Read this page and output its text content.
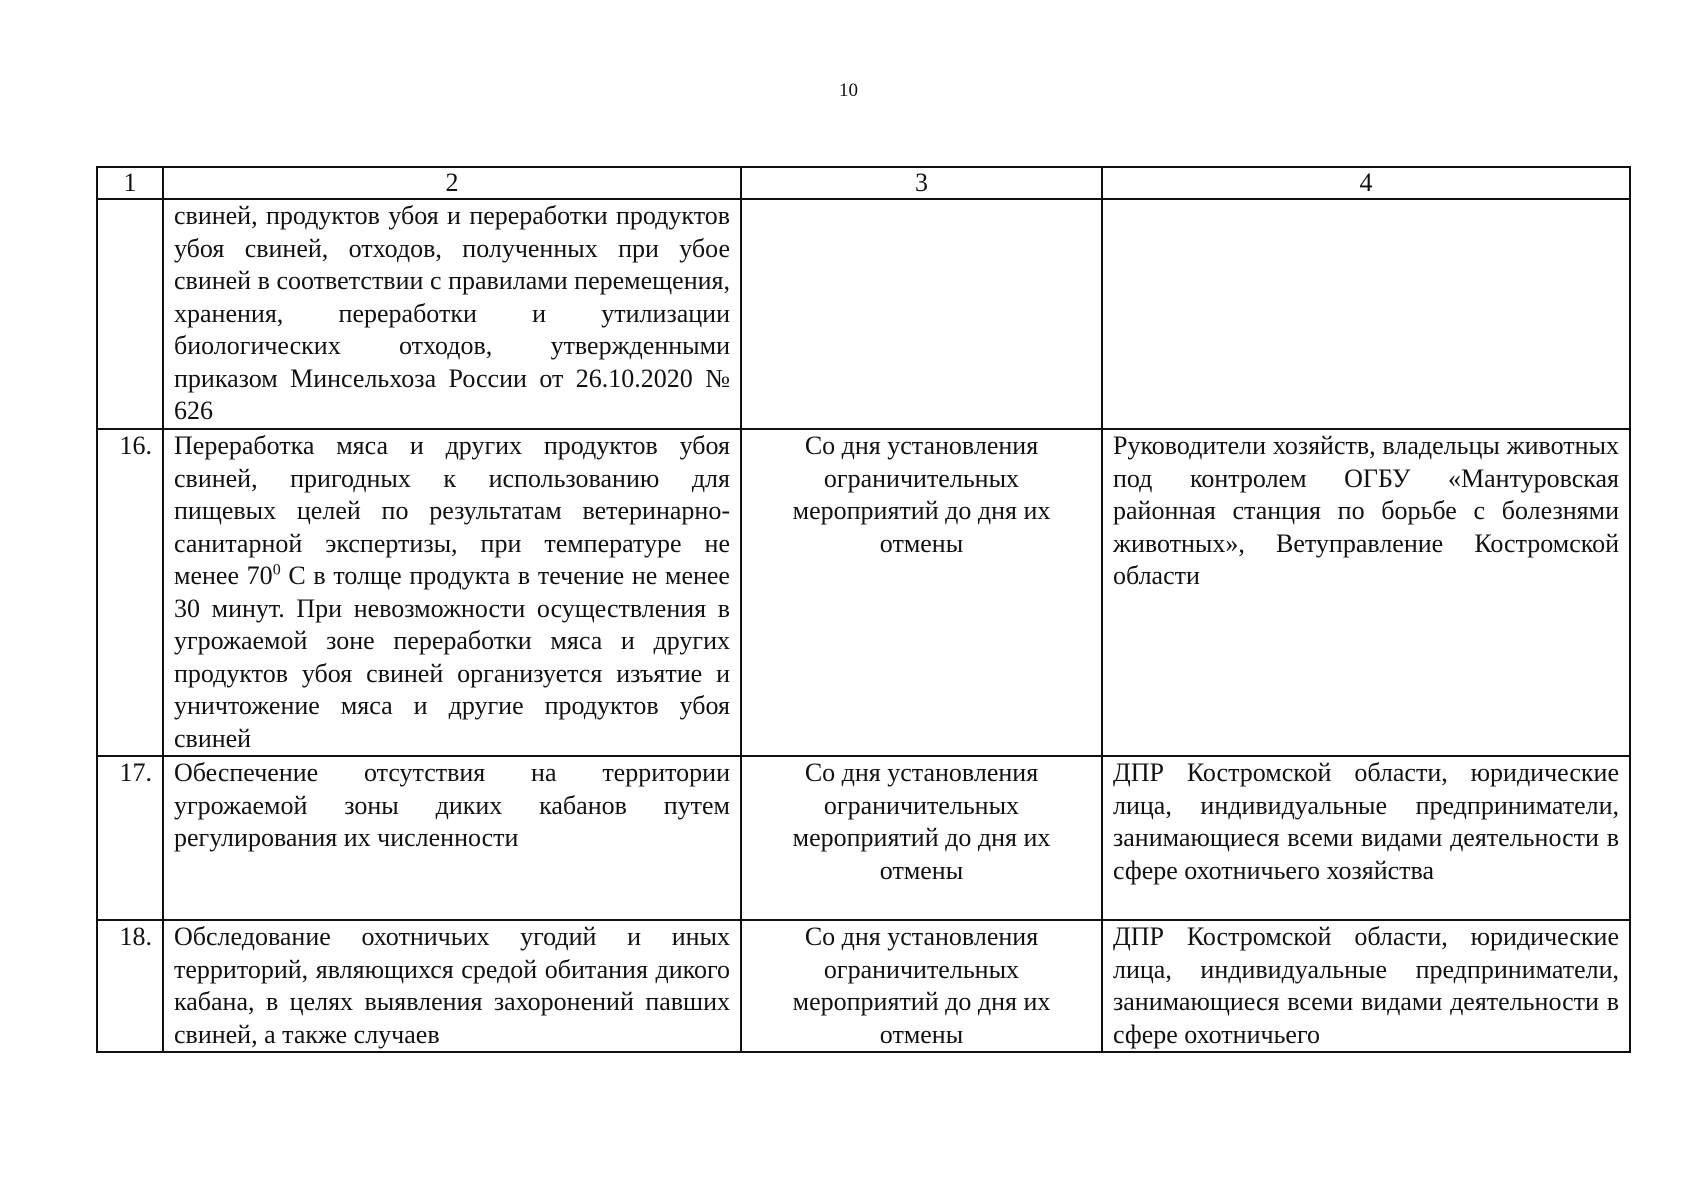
10
1	2	3	4
	свиней, продуктов убоя и переработки продуктов убоя свиней, отходов, полученных при убое свиней в соответствии с правилами перемещения, хранения, переработки и утилизации биологических отходов, утвержденными приказом Минсельхоза России от 26.10.2020 № 626		
16.	Переработка мяса и других продуктов убоя свиней, пригодных к использованию для пищевых целей по результатам ветеринарно-санитарной экспертизы, при температуре не менее $70^0$ С в толще продукта в течение не менее 30 минут. При невозможности осуществления в угрожаемой зоне переработки мяса и других продуктов убоя свиней организуется изъятие и уничтожение мяса и другие продуктов убоя свиней	Со дня установления ограничительных мероприятий до дня их отмены	Руководители хозяйств, владельцы животных под контролем ОГБУ «Мантуровская районная станция по борьбе с болезнями животных», Ветуправление Костромской области
17.	Обеспечение отсутствия на территории угрожаемой зоны диких кабанов путем регулирования их численности	Со дня установления ограничительных мероприятий до дня их отмены	ДПР Костромской области, юридические лица, индивидуальные предприниматели, занимающиеся всеми видами деятельности в сфере охотничьего хозяйства
18.	Обследование охотничьих угодий и иных территорий, являющихся средой обитания дикого кабана, в целях выявления захоронений павших свиней, а также случаев	Со дня установления ограничительных мероприятий до дня их отмены	ДПР Костромской области, юридические лица, индивидуальные предприниматели, занимающиеся всеми видами деятельности в сфере охотничьего
